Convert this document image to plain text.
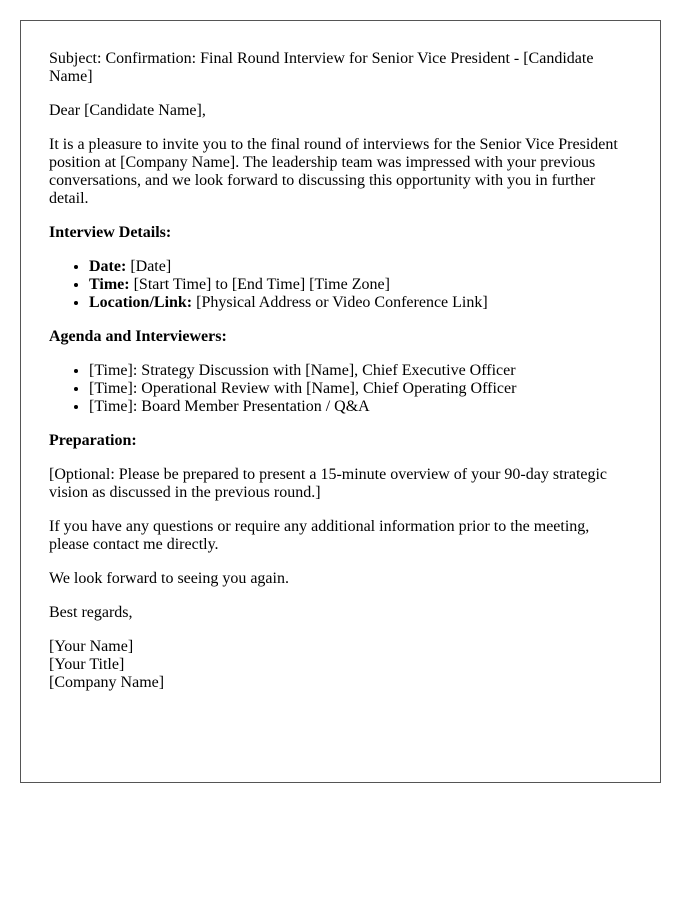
Subject: Confirmation: Final Round Interview for Senior Vice President - [Candidate Name]

Dear [Candidate Name],

It is a pleasure to invite you to the final round of interviews for the Senior Vice President position at [Company Name]. The leadership team was impressed with your previous conversations, and we look forward to discussing this opportunity with you in further detail.

Interview Details:

• Date: [Date]
• Time: [Start Time] to [End Time] [Time Zone]
• Location/Link: [Physical Address or Video Conference Link]

Agenda and Interviewers:

• [Time]: Strategy Discussion with [Name], Chief Executive Officer
• [Time]: Operational Review with [Name], Chief Operating Officer
• [Time]: Board Member Presentation / Q&A

Preparation:

[Optional: Please be prepared to present a 15-minute overview of your 90-day strategic vision as discussed in the previous round.]

If you have any questions or require any additional information prior to the meeting, please contact me directly.

We look forward to seeing you again.

Best regards,

[Your Name]
[Your Title]
[Company Name]
